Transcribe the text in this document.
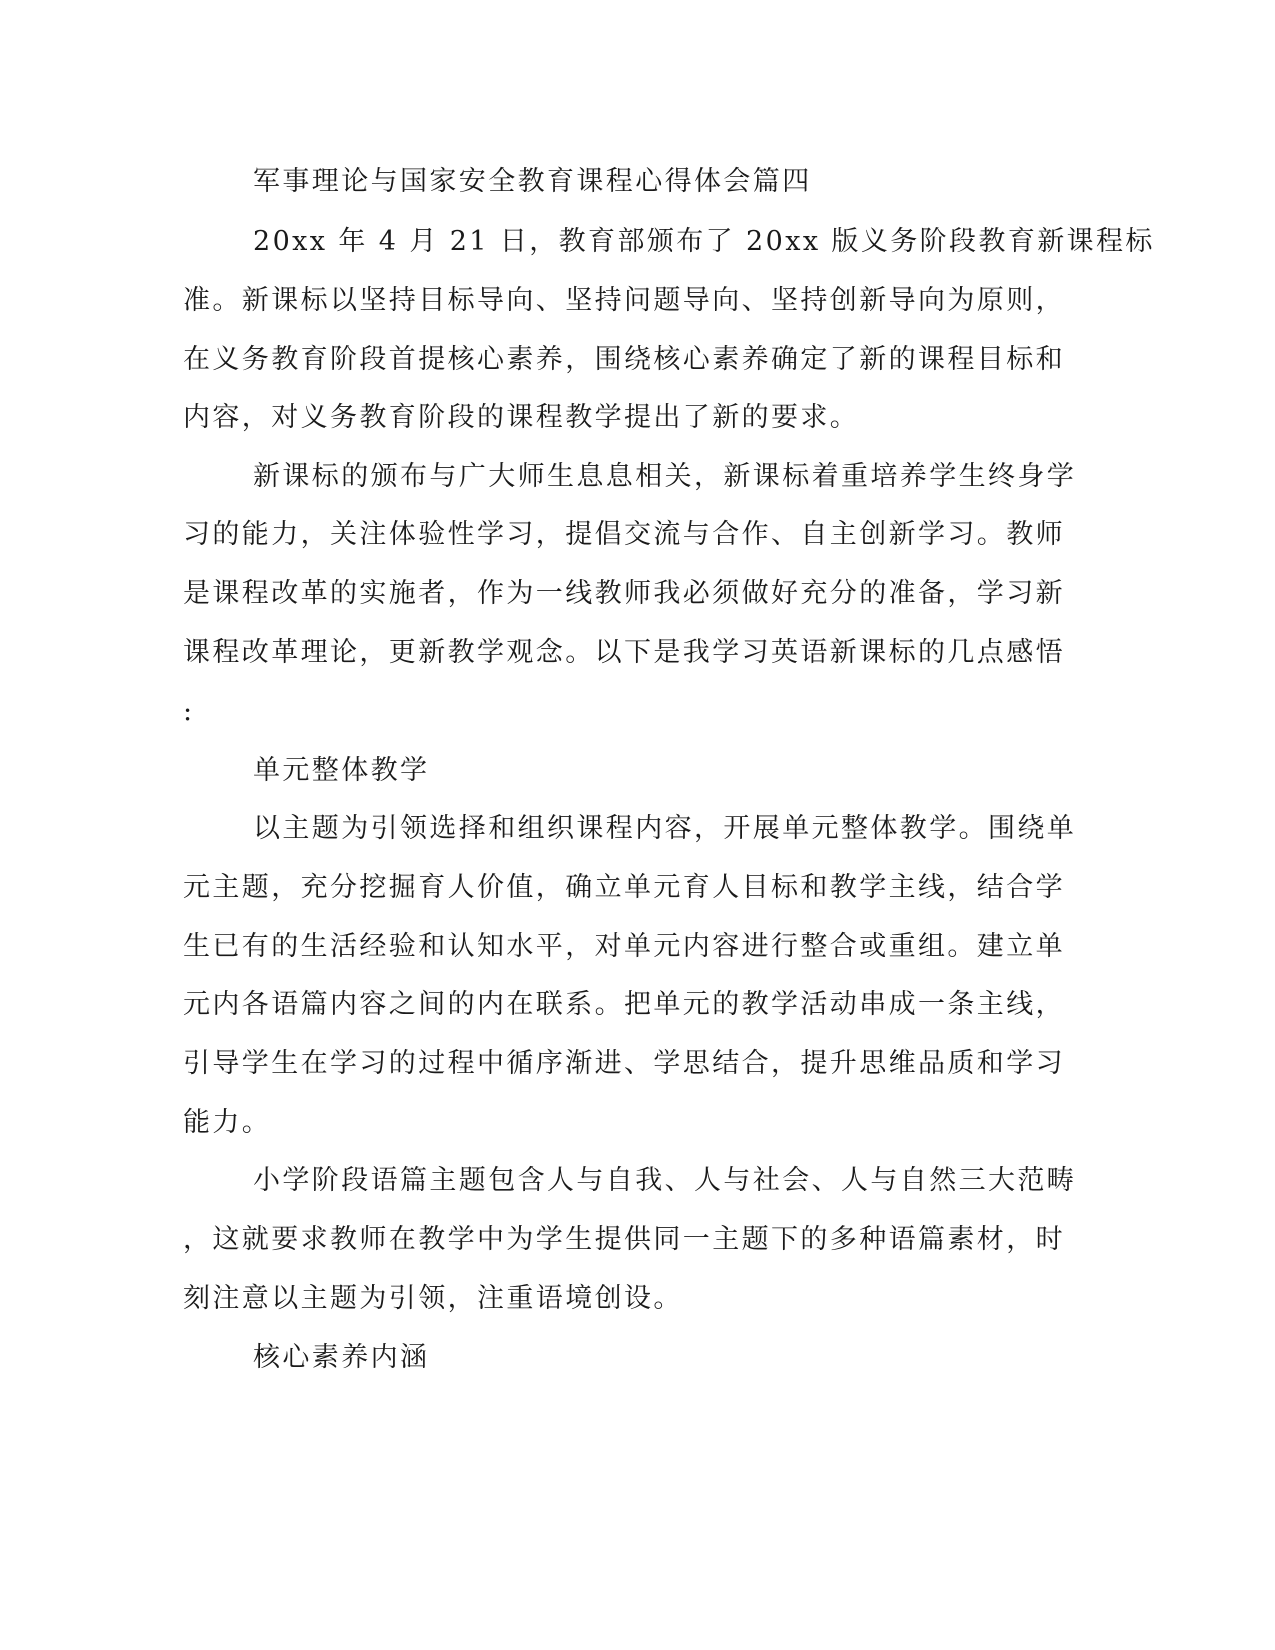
军事理论与国家安全教育课程心得体会篇四
20xx 年 4 月 21 日，教育部颁布了 20xx 版义务阶段教育新课程标
准。新课标以坚持目标导向、坚持问题导向、坚持创新导向为原则，
在义务教育阶段首提核心素养，围绕核心素养确定了新的课程目标和
内容，对义务教育阶段的课程教学提出了新的要求。
新课标的颁布与广大师生息息相关，新课标着重培养学生终身学
习的能力，关注体验性学习，提倡交流与合作、自主创新学习。教师
是课程改革的实施者，作为一线教师我必须做好充分的准备，学习新
课程改革理论，更新教学观念。以下是我学习英语新课标的几点感悟
:
单元整体教学
以主题为引领选择和组织课程内容，开展单元整体教学。围绕单
元主题，充分挖掘育人价值，确立单元育人目标和教学主线，结合学
生已有的生活经验和认知水平，对单元内容进行整合或重组。建立单
元内各语篇内容之间的内在联系。把单元的教学活动串成一条主线，
引导学生在学习的过程中循序渐进、学思结合，提升思维品质和学习
能力。
小学阶段语篇主题包含人与自我、人与社会、人与自然三大范畴
，这就要求教师在教学中为学生提供同一主题下的多种语篇素材，时
刻注意以主题为引领，注重语境创设。
核心素养内涵
